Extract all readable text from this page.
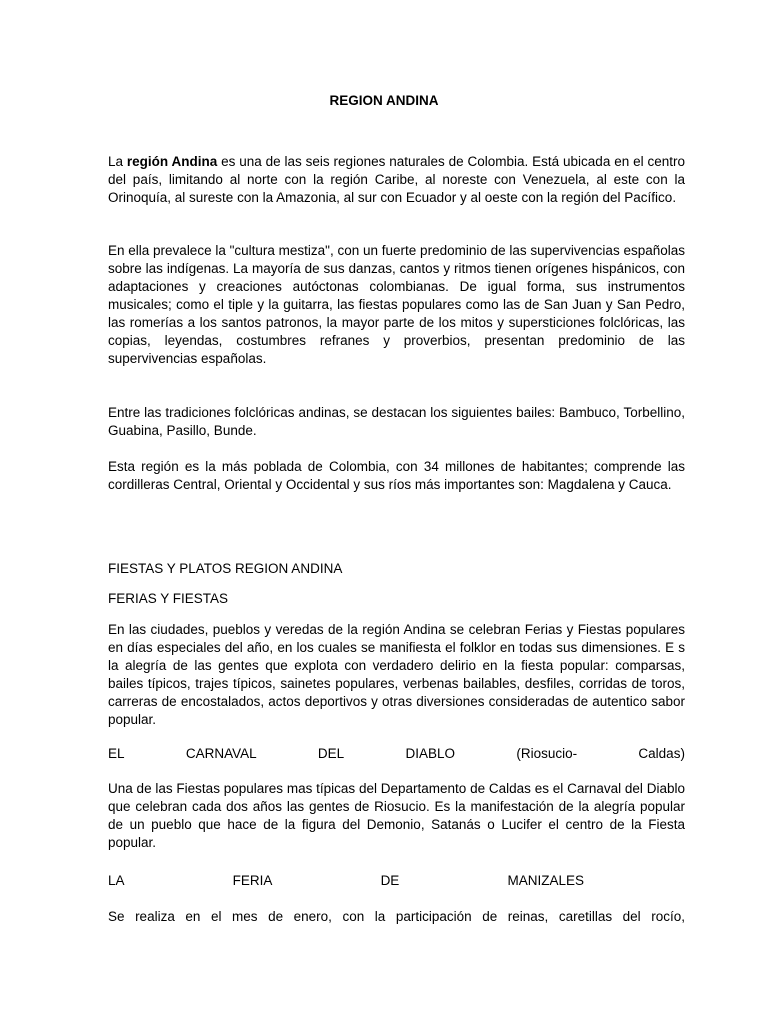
REGION ANDINA
La región Andina es una de las seis regiones naturales de Colombia. Está ubicada en el centro del país, limitando al norte con la región Caribe, al noreste con Venezuela, al este con la Orinoquía, al sureste con la Amazonia, al sur con Ecuador y al oeste con la región del Pacífico.
En ella prevalece la "cultura mestiza", con un fuerte predominio de las supervivencias españolas sobre las indígenas. La mayoría de sus danzas, cantos y ritmos tienen orígenes hispánicos, con adaptaciones y creaciones autóctonas colombianas. De igual forma, sus instrumentos musicales; como el tiple y la guitarra, las fiestas populares como las de San Juan y San Pedro, las romerías a los santos patronos, la mayor parte de los mitos y supersticiones folclóricas, las copias, leyendas, costumbres refranes y proverbios, presentan predominio de las supervivencias españolas.
Entre las tradiciones folclóricas andinas, se destacan los siguientes bailes: Bambuco, Torbellino, Guabina, Pasillo, Bunde.
Esta región es la más poblada de Colombia, con 34 millones de habitantes; comprende las cordilleras Central, Oriental y Occidental y sus ríos más importantes son: Magdalena y Cauca.
FIESTAS Y PLATOS REGION ANDINA
FERIAS Y FIESTAS
En las ciudades, pueblos y veredas de la región Andina se celebran Ferias y Fiestas populares en días especiales del año, en los cuales se manifiesta el folklor en todas sus dimensiones. E s la alegría de las gentes que explota con verdadero delirio en la fiesta popular: comparsas, bailes típicos, trajes típicos, sainetes populares, verbenas bailables, desfiles, corridas de toros, carreras de encostalados, actos deportivos y otras diversiones consideradas de autentico sabor popular.
EL	CARNAVAL	DEL	DIABLO	(Riosucio-	Caldas)
Una de las Fiestas populares mas típicas del Departamento de Caldas es el Carnaval del Diablo que celebran cada dos años las gentes de Riosucio. Es la manifestación de la alegría popular de un pueblo que hace de la figura del Demonio, Satanás o Lucifer el centro de la Fiesta popular.
LA	FERIA	DE	MANIZALES
Se realiza en el mes de enero, con la participación de reinas, caretillas del rocío,
